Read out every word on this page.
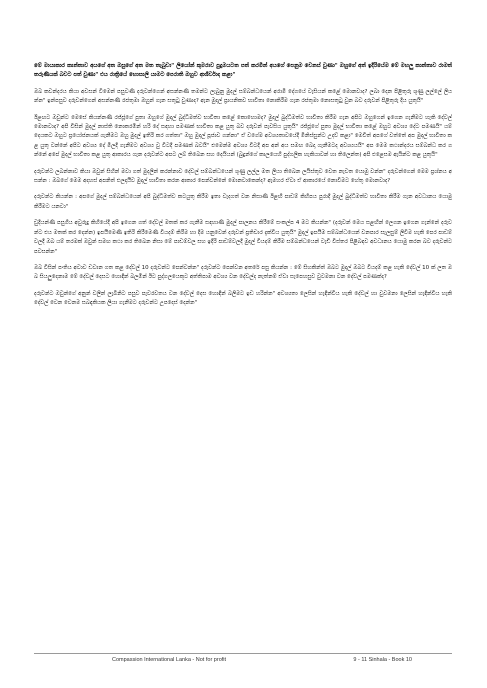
මේ මායාකාර කාන්තාව අයගේ අත ඔසුගේ අත මත තැබුවා" ලියෝන් කුමරාව පුදුමයටත පත් කරමින් අයගේ පෙනුම වෙනස් වුණා" ඔහුගේ අත් ඉදිරියේම මේ මහලු කාන්තාව රාමත් තරුණියක් බවට පත් වුණා" එය රාත්‍රියේ හොසාලි යාමට පෙරාති ඔහුව ආශිර්වාද කළා"

ඔබ කවන්දරය කියා අවසන් වීමෙන් පසුවණි දරුවන්ගෙන් අසන්නණි තමන්ට ලැබුනු මුදල් සම්බන්ධයෙන් අරාමි දේගයේ වැසියන් කළේ මොනවාද? ලබා දෙන පිළිතුරු ශුණු ලල්ලේ ලියන්න" ඉන්පසුව දරුවන්ගෙන් අසන්නණි රජතුමා ඔහුන් ගැන සතුටු වුණාද? ඇන මුදල් ප්‍රායනිකව භාවිතා නොකිරීම ගැන රජතුමා නොසතුටු වුන බව දරුවන් පිළිතුරු දිය යුතුයි"

ඊළඟට ඔවුන්ට මෙසේ කියන්නණි රජ්ජූගේ පුතා ඔහුගේ මුදල් බුද්ධිමත්ව භාවිතා කළේ කොහොමද? මුදල් බුද්ධිමත්ව භාවිතා කිරීම ගැන අපිට ඔහුගෙන් ඉගෙන ගැනීමට හැකි දේවල් මොනවාද? අපි විසින් මුදල් නාස්ති නොකරමින් හරි දේ සඳහා පමණක් භාවිතා කළ යුතු බව දරුවන් පැවසිය යුතුයි" රජ්ජූගේ පුතා මුදල් භාවිතා කළේ ඔහුට අවශ්‍ය දේට පමණයි" යම් දෙයකට ඔහුට ප්‍රයෝජනයක් ගැනීමට ඔහු මුදල් ඉතිරි කර ගත්තා" ඔහු මුදල් පූජාව ගන්නා" ඒ වගේම අවශ්‍යතාවයේදී මිනිස්සුන්ට උදව් කළා" මෙවිත් අපගේ වත්තේ අප මුදල් භාවිතා කළ යුතු වන්නේ අපිට අවශ්‍ය දේ මිලදී ගැනීමට අවශ්‍ය වු විටදී පමණක් බවයි" එමෙන්ම අවශ්‍ය විටදී අප අන් අය සමඟ බෙදා ගැනීමටද අවශ්‍යයයි" අප මෙම කථාන්දරය සම්බන්ධ කර ගන්නේ අපේ මුදල් භාවිතා කළ යුතු ආකාරය ගැන දරුවන්ට අපට ලබ් තිබෙන සහ දෙයියන් (බුදුන්ගේ කාලයෙහි පුද්ගලික හැකියාවන් හා තිලෙන්ත) අපි එළෙසම ඇයින්ට කළ යුතුයි"

දරුවන්ට ලබන්නාව කියා ඔවුන් සිහින් මවා ගත් මුදලින් කරන්නාව දේවල් සම්බන්ධයෙන් ශුණු ලල්ල මත ලියා තිබෙන ලයිස්තුව වෙත නැවත යොමු වන්න" දරුවන්ගෙන් මෙම ප්‍රශ්නය අසන්න : ඔබගේ මෙම අදහස් අපනිත් එලදායීව මුදල් භාවිතා කරන ආකාර පෙන්වන්නේ මොනවාකෙන්ද? ඇමහර ඒවා ඒ ආකාරයේ නොවීමට හේතු මොනවාද?

දරුවන්ට කියන්න : අපගේ මුදල් සම්බන්ධයෙන් අපි බුද්ධිමත්ව කටයුතු කිරීම ඉතා වැදගත් වන නිසාණි ඊළඟි පාඩම් කිහිපය පුරාදි මුදල් බුද්ධිමත්ව භාවිතා කිරීම ගැන අවධානය යොමු කිරීමට යනවා"

ඩුදියන්ණි පසුගිය අවුරුදු කිහියේදී අපි ඉගෙන ගත් දේවල් මතක් කර ගැනීම සඳහාණි මුදල් පාලනය කිරීමේ සංකල්ප 4 මට කියන්න" (දරුවන් මෙය සළඟින් ලෙගන ඉගෙන ගැන්නේ දරුවන්ට එය මතක් කර දෙන්න) ඉපයීමෙණි ඉතිරි කිරීමෙණි වියදම් කිරීම හා දීම යනුවෙන් දරුවන් ප්‍රතිචාර දැක්විය යුතුයි" මුදල් ඉපයීම සම්බන්ධයෙන් වනපාර සැලසුම් ලිවීම හැකි පෙර පාඩම් වලදී ඔබ යම් තරමක් ඔවුන් සමඟ කථා කර තිබෙන නිසා මේ පාඩම්වල සහ ඉදිරි පාඩම්වලදී මුදල් වියදම් කිරීම සම්බන්ධයෙන් වැඩි විස්තර පිළිබඳව අවධානය යොමු කරන බව දරුවන්ට පවසන්න"

ඔබ විසින් පංතිය අවාව ඩවාන ගත කළ දේවල් 10 දරුවන්ට පෙන්වන්න" දරුවන්ට පෙන්වන අතරේ පසු කියන්න : මේ සිහකින්ත් ඔබට මුදල් ඔබට වියදම් කළ හැකි දේවල් 10 ක් ලත ඔබ සියලුදෙනාම මේ දේවල් දෙසට හොඳින් බලමින් ඊට පුද්ගලයෙකුට අත්තිපාම අවශ්‍ය වන දේවල්ද නැත්නම් ඒවා සැපෙහසුව වුවමනා වන දේවල් පමණක්ද?

දරුවන්ට ඔවුන්ගේ අනුන් වලින් ලැබිනිට පසුව පැවරවතය වන දේවල් දෙස හොඳින් බලිමට ඉඩ හරින්න" අවශ්‍යතා ලෙසින් හැඳින්විය හැකි දේවල් හා වුවමනා ලෙසින් හැඳින්විය හැකි දේවල් වෙන වෙනම සබඳැකියක ලියා ගැනීමට දරුවන්ට උපදෙස් දෙන්න"

Compassion International Lanka - Not for profit	9 - 11 Sinhala - Book 10
